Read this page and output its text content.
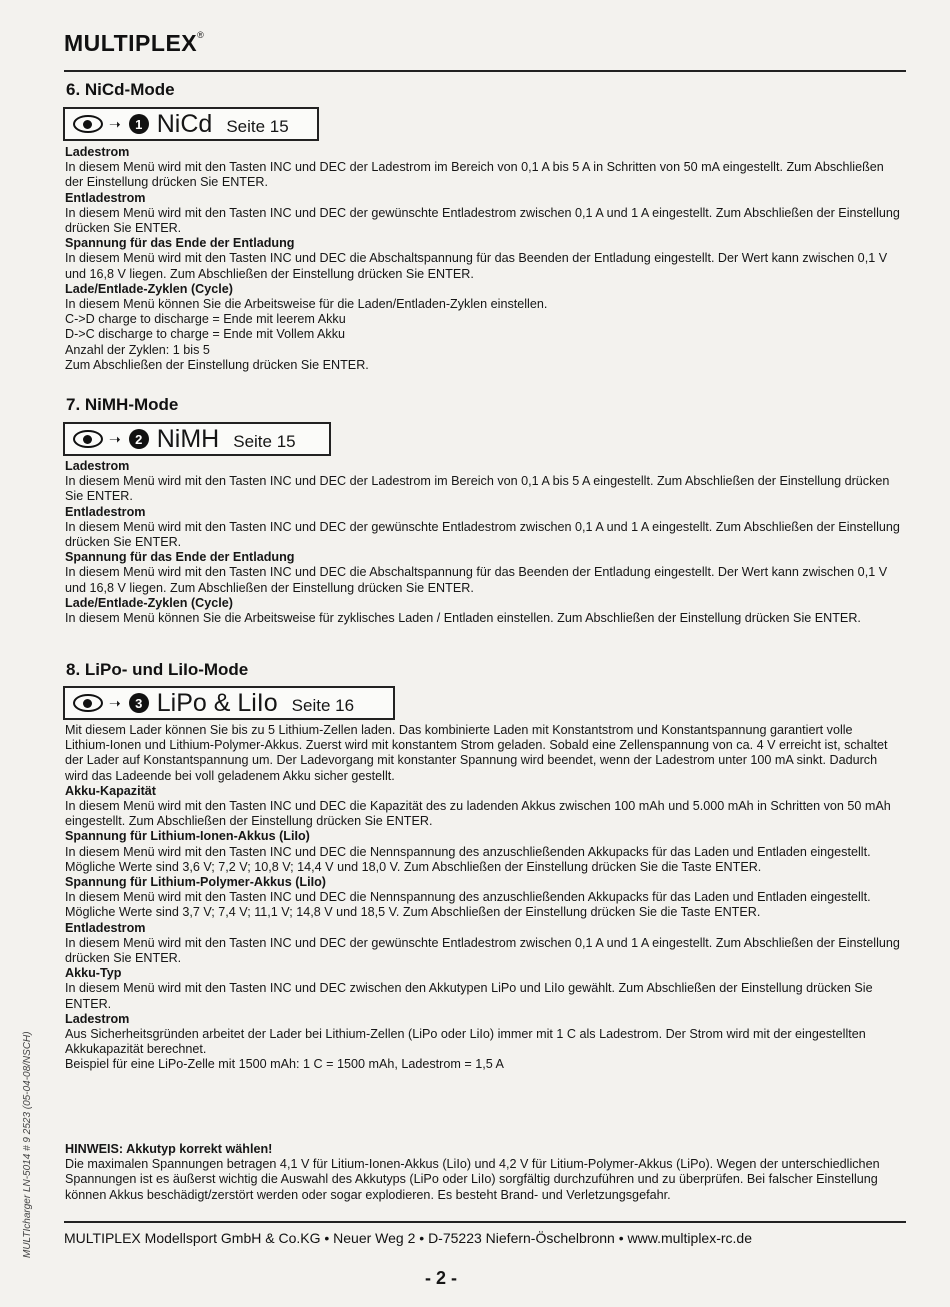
MULTIPLEX®
6. NiCd-Mode
➝	1 NiCd Seite 15

Ladestrom

In diesem Menü wird mit den Tasten INC und DEC der Ladestrom im Bereich von 0,1 A bis 5 A in Schritten von 50 mA eingestellt. Zum Abschließen der Einstellung drücken Sie ENTER.

Entladestrom

In diesem Menü wird mit den Tasten INC und DEC der gewünschte Entladestrom zwischen 0,1 A und 1 A eingestellt. Zum Abschließen der Einstellung drücken Sie ENTER.

Spannung für das Ende der Entladung

In diesem Menü wird mit den Tasten INC und DEC die Abschaltspannung für das Beenden der Entladung eingestellt. Der Wert kann zwischen 0,1 V und 16,8 V liegen. Zum Abschließen der Einstellung drücken Sie ENTER.

Lade/Entlade-Zyklen (Cycle)

In diesem Menü können Sie die Arbeitsweise für die Laden/Entladen-Zyklen einstellen.

C->D charge to discharge = Ende mit leerem Akku

D->C discharge to charge = Ende mit Vollem Akku

Anzahl der Zyklen: 1 bis 5

Zum Abschließen der Einstellung drücken Sie ENTER.

7. NiMH-Mode
➝	2 NiMH Seite 15

Ladestrom

In diesem Menü wird mit den Tasten INC und DEC der Ladestrom im Bereich von 0,1 A bis 5 A eingestellt. Zum Abschließen der Einstellung drücken Sie ENTER.

Entladestrom

In diesem Menü wird mit den Tasten INC und DEC der gewünschte Entladestrom zwischen 0,1 A und 1 A eingestellt. Zum Abschließen der Einstellung drücken Sie ENTER.

Spannung für das Ende der Entladung

In diesem Menü wird mit den Tasten INC und DEC die Abschaltspannung für das Beenden der Entladung eingestellt. Der Wert kann zwischen 0,1 V und 16,8 V liegen. Zum Abschließen der Einstellung drücken Sie ENTER.

Lade/Entlade-Zyklen (Cycle)

In diesem Menü können Sie die Arbeitsweise für zyklisches Laden / Entladen einstellen. Zum Abschließen der Einstellung drücken Sie ENTER.

8. LiPo- und LiIo-Mode
➝	3 LiPo & LiIo Seite 16

Mit diesem Lader können Sie bis zu 5 Lithium-Zellen laden. Das kombinierte Laden mit Konstantstrom und Konstantspannung garantiert volle Lithium-Ionen und Lithium-Polymer-Akkus. Zuerst wird mit konstantem Strom geladen. Sobald eine Zellenspannung von ca. 4 V erreicht ist, schaltet der Lader auf Konstantspannung um. Der Ladevorgang mit konstanter Spannung wird beendet, wenn der Ladestrom unter 100 mA sinkt. Dadurch wird das Ladeende bei voll geladenem Akku sicher gestellt.

Akku-Kapazität

In diesem Menü wird mit den Tasten INC und DEC die Kapazität des zu ladenden Akkus zwischen 100 mAh und 5.000 mAh in Schritten von 50 mAh eingestellt. Zum Abschließen der Einstellung drücken Sie ENTER.

Spannung für Lithium-Ionen-Akkus (LiIo)

In diesem Menü wird mit den Tasten INC und DEC die Nennspannung des anzuschließenden Akkupacks für das Laden und Entladen eingestellt. Mögliche Werte sind 3,6 V; 7,2 V; 10,8 V; 14,4 V und 18,0 V. Zum Abschließen der Einstellung drücken Sie die Taste ENTER.

Spannung für Lithium-Polymer-Akkus (LiIo)

In diesem Menü wird mit den Tasten INC und DEC die Nennspannung des anzuschließenden Akkupacks für das Laden und Entladen eingestellt. Mögliche Werte sind 3,7 V; 7,4 V; 11,1 V; 14,8 V und 18,5 V. Zum Abschließen der Einstellung drücken Sie die Taste ENTER.

Entladestrom

In diesem Menü wird mit den Tasten INC und DEC der gewünschte Entladestrom zwischen 0,1 A und 1 A eingestellt. Zum Abschließen der Einstellung drücken Sie ENTER.

Akku-Typ

In diesem Menü wird mit den Tasten INC und DEC zwischen den Akkutypen LiPo und LiIo gewählt. Zum Abschließen der Einstellung drücken Sie ENTER.

Ladestrom

Aus Sicherheitsgründen arbeitet der Lader bei Lithium-Zellen (LiPo oder LiIo) immer mit 1 C als Ladestrom. Der Strom wird mit der eingestellten Akkukapazität berechnet.

Beispiel für eine LiPo-Zelle mit 1500 mAh: 1 C = 1500 mAh, Ladestrom = 1,5 A

HINWEIS: Akkutyp korrekt wählen!

Die maximalen Spannungen betragen 4,1 V für Litium-Ionen-Akkus (LiIo) und 4,2 V für Litium-Polymer-Akkus (LiPo). Wegen der unterschiedlichen Spannungen ist es äußerst wichtig die Auswahl des Akkutyps (LiPo oder LiIo) sorgfältig durchzuführen und zu überprüfen. Bei falscher Einstellung können Akkus beschädigt/zerstört werden oder sogar explodieren. Es besteht Brand- und Verletzungsgefahr.

MULTIPLEX Modellsport GmbH & Co.KG • Neuer Weg 2 • D-75223 Niefern-Öschelbronn • www.multiplex-rc.de
- 2 -
MULTIcharger LN-5014 # 9 2523 (05-04-08/NSCH)
